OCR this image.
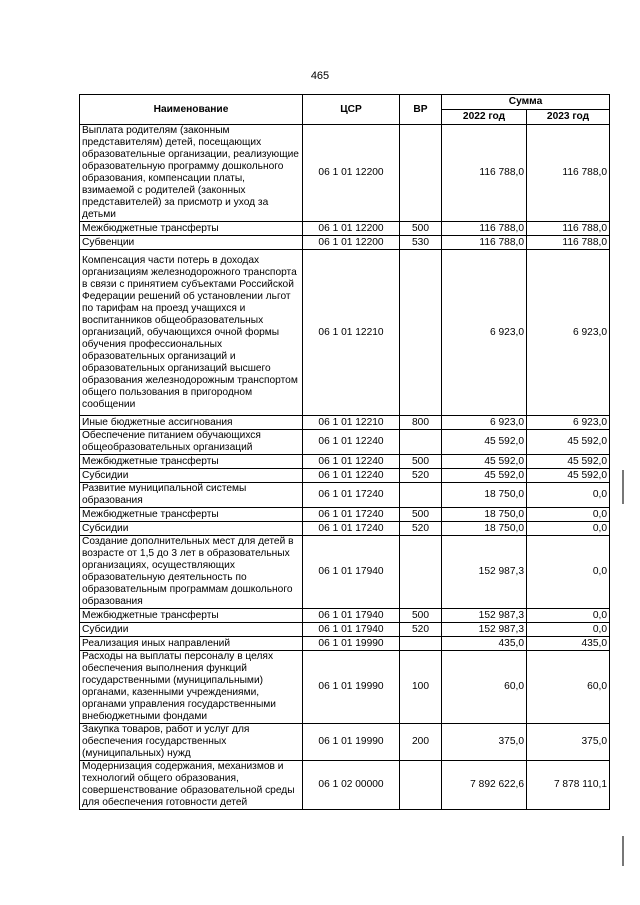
465
Наименование	ЦСР	ВР	Сумма	
			2022 год	2023 год
Выплата родителям (законным представителям) детей, посещающих образовательные организации, реализующие образовательную программу дошкольного образования, компенсации платы, взимаемой с родителей (законных представителей) за присмотр и уход за детьми	06 1 01 12200		116 788,0	116 788,0
Межбюджетные трансферты	06 1 01 12200	500	116 788,0	116 788,0
Субвенции	06 1 01 12200	530	116 788,0	116 788,0
Компенсация части потерь в доходах организациям железнодорожного транспорта в связи с принятием субъектами Российской Федерации решений об установлении льгот по тарифам на проезд учащихся и воспитанников общеобразовательных организаций, обучающихся очной формы обучения профессиональных образовательных организаций и образовательных организаций высшего образования железнодорожным транспортом общего пользования в пригородном сообщении	06 1 01 12210		6 923,0	6 923,0
Иные бюджетные ассигнования	06 1 01 12210	800	6 923,0	6 923,0
Обеспечение питанием обучающихся общеобразовательных организаций	06 1 01 12240		45 592,0	45 592,0
Межбюджетные трансферты	06 1 01 12240	500	45 592,0	45 592,0
Субсидии	06 1 01 12240	520	45 592,0	45 592,0
Развитие муниципальной системы образования	06 1 01 17240		18 750,0	0,0
Межбюджетные трансферты	06 1 01 17240	500	18 750,0	0,0
Субсидии	06 1 01 17240	520	18 750,0	0,0
Создание дополнительных мест для детей в возрасте от 1,5 до 3 лет в образовательных организациях, осуществляющих образовательную деятельность по образовательным программам дошкольного образования	06 1 01 17940		152 987,3	0,0
Межбюджетные трансферты	06 1 01 17940	500	152 987,3	0,0
Субсидии	06 1 01 17940	520	152 987,3	0,0
Реализация иных направлений	06 1 01 19990		435,0	435,0
Расходы на выплаты персоналу в целях обеспечения выполнения функций государственными (муниципальными) органами, казенными учреждениями, органами управления государственными внебюджетными фондами	06 1 01 19990	100	60,0	60,0
Закупка товаров, работ и услуг для обеспечения государственных (муниципальных) нужд	06 1 01 19990	200	375,0	375,0
Модернизация содержания, механизмов и технологий общего образования, совершенствование образовательной среды для обеспечения готовности детей	06 1 02 00000		7 892 622,6	7 878 110,1
